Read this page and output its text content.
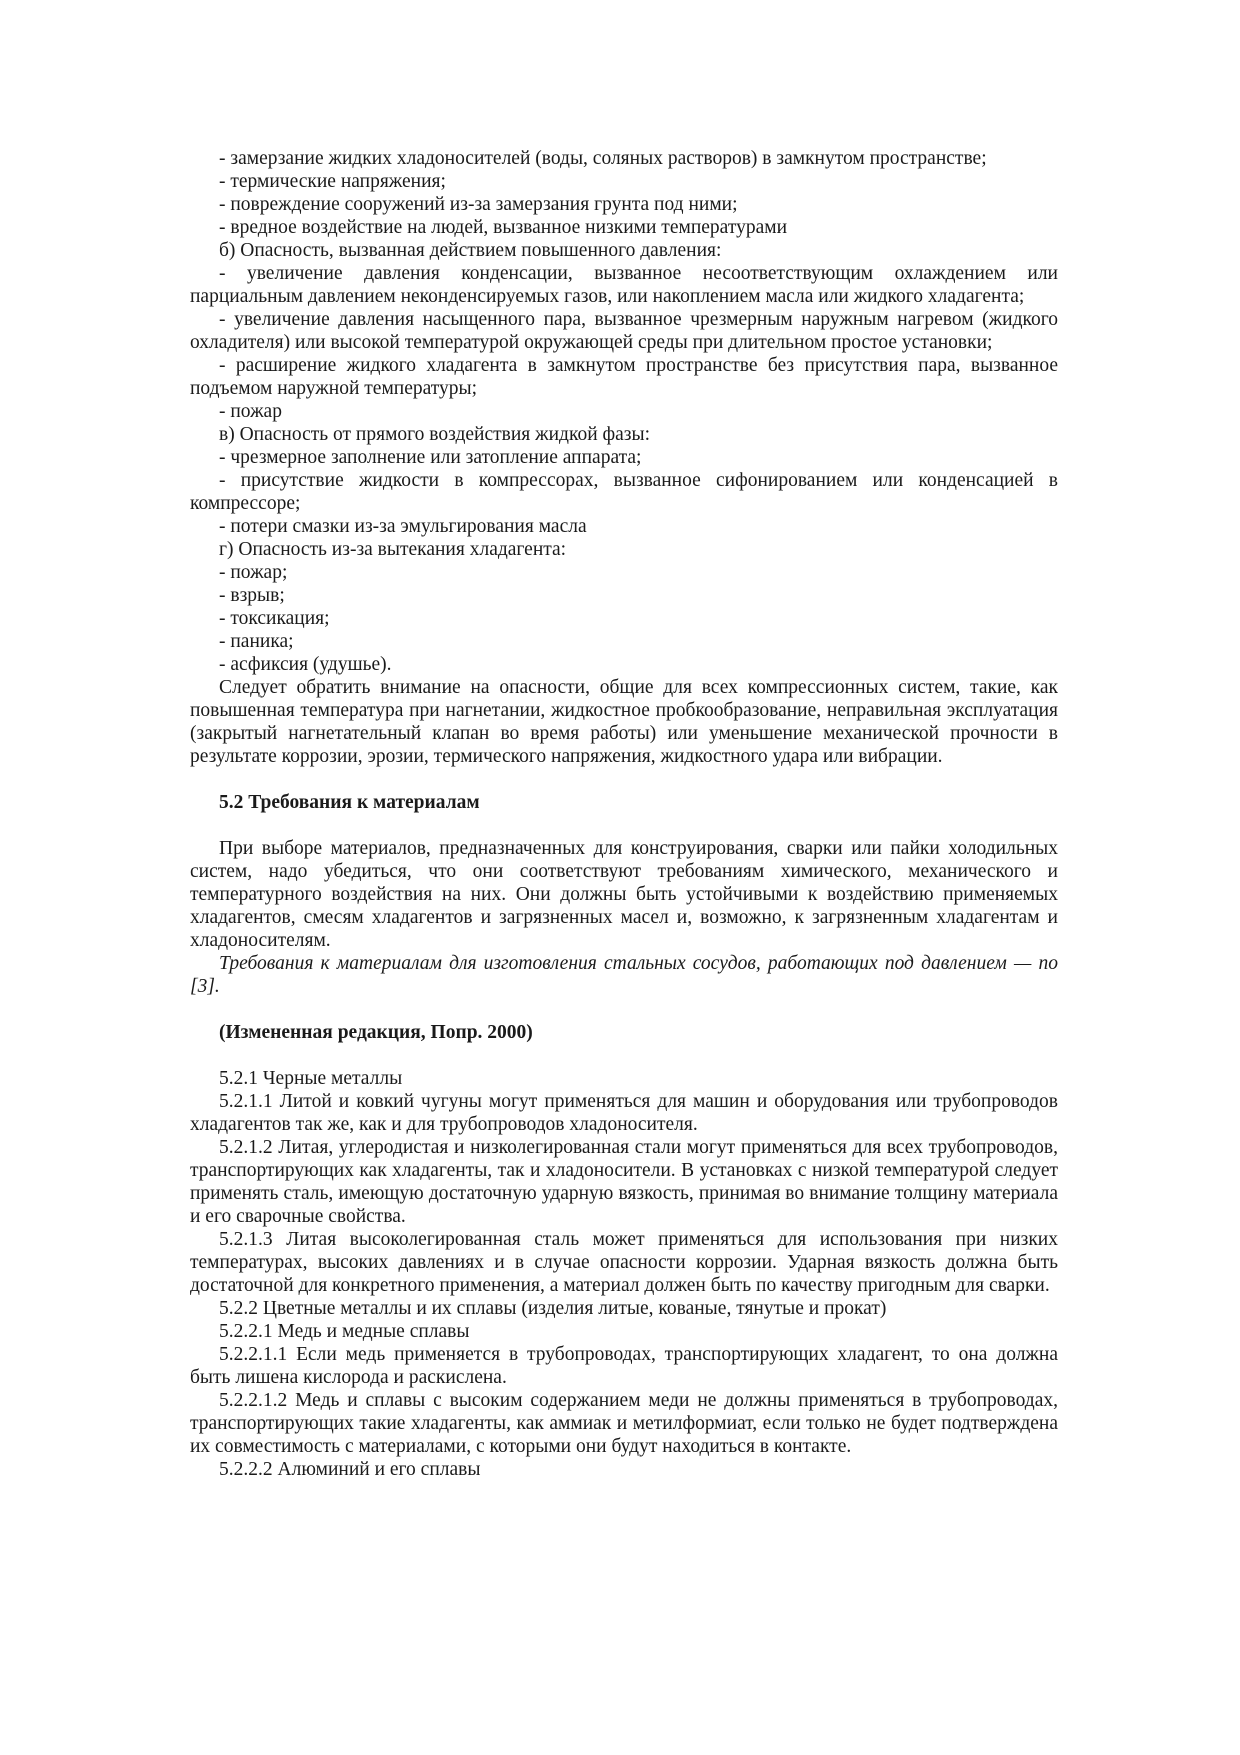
- замерзание жидких хладоносителей (воды, соляных растворов) в замкнутом пространстве;

- термические напряжения;

- повреждение сооружений из-за замерзания грунта под ними;

- вредное воздействие на людей, вызванное низкими температурами

б) Опасность, вызванная действием повышенного давления:

- увеличение давления конденсации, вызванное несоответствующим охлаждением или парциальным давлением неконденсируемых газов, или накоплением масла или жидкого хладагента;

- увеличение давления насыщенного пара, вызванное чрезмерным наружным нагревом (жидкого охладителя) или высокой температурой окружающей среды при длительном простое установки;

- расширение жидкого хладагента в замкнутом пространстве без присутствия пара, вызванное подъемом наружной температуры;

- пожар

в) Опасность от прямого воздействия жидкой фазы:

- чрезмерное заполнение или затопление аппарата;

- присутствие жидкости в компрессорах, вызванное сифонированием или конденсацией в компрессоре;

- потери смазки из-за эмульгирования масла

г) Опасность из-за вытекания хладагента:

- пожар;

- взрыв;

- токсикация;

- паника;

- асфиксия (удушье).

Следует обратить внимание на опасности, общие для всех компрессионных систем, такие, как повышенная температура при нагнетании, жидкостное пробкообразование, неправильная эксплуатация (закрытый нагнетательный клапан во время работы) или уменьшение механической прочности в результате коррозии, эрозии, термического напряжения, жидкостного удара или вибрации.

5.2 Требования к материалам

При выборе материалов, предназначенных для конструирования, сварки или пайки холодильных систем, надо убедиться, что они соответствуют требованиям химического, механического и температурного воздействия на них. Они должны быть устойчивыми к воздействию применяемых хладагентов, смесям хладагентов и загрязненных масел и, возможно, к загрязненным хладагентам и хладоносителям.

Требования к материалам для изготовления стальных сосудов, работающих под давлением — по [3].

(Измененная редакция, Попр. 2000)

5.2.1 Черные металлы

5.2.1.1 Литой и ковкий чугуны могут применяться для машин и оборудования или трубопроводов хладагентов так же, как и для трубопроводов хладоносителя.

5.2.1.2 Литая, углеродистая и низколегированная стали могут применяться для всех трубопроводов, транспортирующих как хладагенты, так и хладоносители. В установках с низкой температурой следует применять сталь, имеющую достаточную ударную вязкость, принимая во внимание толщину материала и его сварочные свойства.

5.2.1.3 Литая высоколегированная сталь может применяться для использования при низких температурах, высоких давлениях и в случае опасности коррозии. Ударная вязкость должна быть достаточной для конкретного применения, а материал должен быть по качеству пригодным для сварки.

5.2.2 Цветные металлы и их сплавы (изделия литые, кованые, тянутые и прокат)

5.2.2.1 Медь и медные сплавы

5.2.2.1.1 Если медь применяется в трубопроводах, транспортирующих хладагент, то она должна быть лишена кислорода и раскислена.

5.2.2.1.2 Медь и сплавы с высоким содержанием меди не должны применяться в трубопроводах, транспортирующих такие хладагенты, как аммиак и метилформиат, если только не будет подтверждена их совместимость с материалами, с которыми они будут находиться в контакте.

5.2.2.2 Алюминий и его сплавы
